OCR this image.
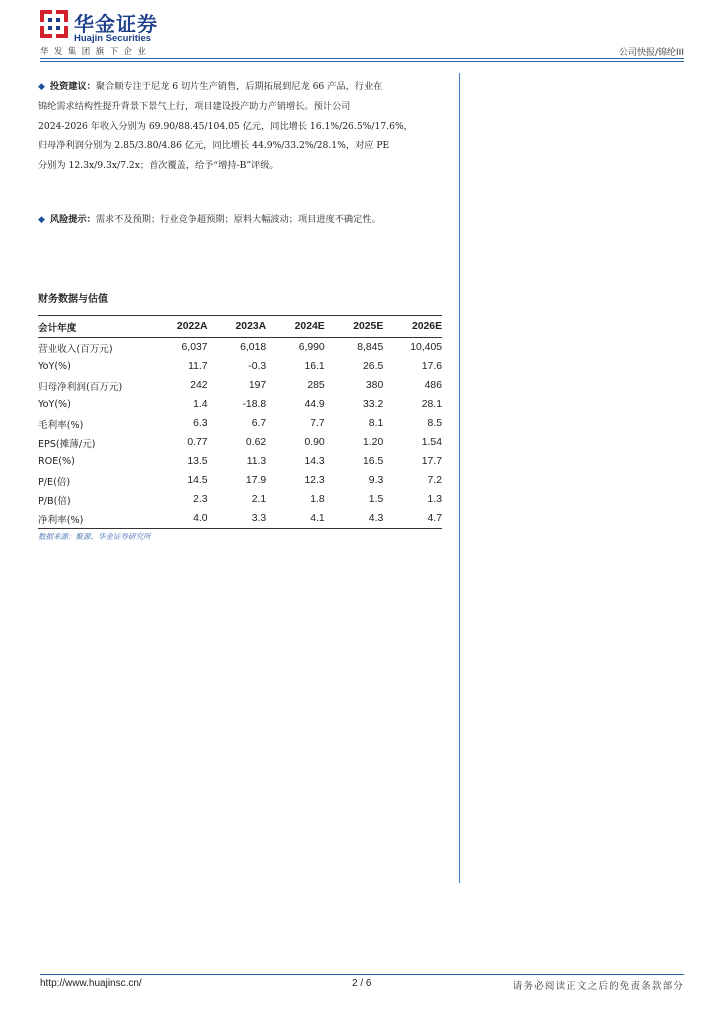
华金证券
Huajin Securities
华发集团旗下企业	公司快报/锦纶III
◆ 投资建议：聚合顺专注于尼龙 6 切片生产销售，后期拓展到尼龙 66 产品，行业在
锦纶需求结构性提升背景下景气上行，项目建设投产助力产销增长。预计公司
2024-2026 年收入分别为 69.90/88.45/104.05 亿元，同比增长 16.1%/26.5%/17.6%，
归母净利润分别为 2.85/3.80/4.86 亿元，同比增长 44.9%/33.2%/28.1%，对应 PE
分别为 12.3x/9.3x/7.2x；首次覆盖，给予“增持-B”评级。
◆ 风险提示：需求不及预期；行业竞争超预期；原料大幅波动；项目进度不确定性。
财务数据与估值
会计年度	2022A	2023A	2024E	2025E	2026E
营业收入(百万元)	6,037	6,018	6,990	8,845	10,405
YoY(%)	11.7	-0.3	16.1	26.5	17.6
归母净利润(百万元)	242	197	285	380	486
YoY(%)	1.4	-18.8	44.9	33.2	28.1
毛利率(%)	6.3	6.7	7.7	8.1	8.5
EPS(摊薄/元)	0.77	0.62	0.90	1.20	1.54
ROE(%)	13.5	11.3	14.3	16.5	17.7
P/E(倍)	14.5	17.9	12.3	9.3	7.2
P/B(倍)	2.3	2.1	1.8	1.5	1.3
净利率(%)	4.0	3.3	4.1	4.3	4.7
数据来源：聚源、华金证券研究所
http://www.huajinsc.cn/	2 / 6	请务必阅读正文之后的免责条款部分
